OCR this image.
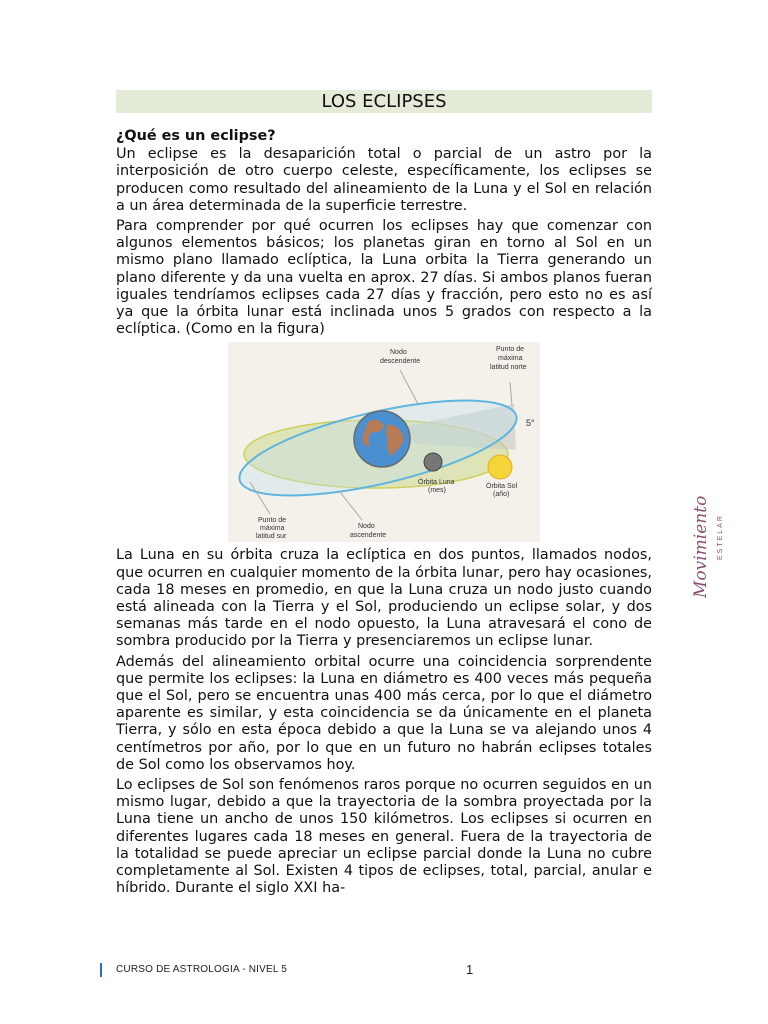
LOS ECLIPSES
¿Qué es un eclipse?

Un eclipse es la desaparición total o parcial de un astro por la interposición de otro cuerpo celeste, específicamente, los eclipses se producen como resultado del alineamiento de la Luna y el Sol en relación a un área determinada de la superficie terrestre.

Para comprender por qué ocurren los eclipses hay que comenzar con algunos elementos básicos; los planetas giran en torno al Sol en un mismo plano llamado eclíptica, la Luna orbita la Tierra generando un plano diferente y da una vuelta en aprox. 27 días. Si ambos planos fueran iguales tendríamos eclipses cada 27 días y fracción, pero esto no es así ya que la órbita lunar está inclinada unos 5 grados con respecto a la eclíptica. (Como en la figura)

Nodo
descendente
Punto de
máxima
latitud norte
5°
Órbita Luna
(mes)
Órbita Sol
(año)
Punto de
máxima
latitud sur
Nodo
ascendente

La Luna en su órbita cruza la eclíptica en dos puntos, llamados nodos, que ocurren en cualquier momento de la órbita lunar, pero hay ocasiones, cada 18 meses en promedio, en que la Luna cruza un nodo justo cuando está alineada con la Tierra y el Sol, produciendo un eclipse solar, y dos semanas más tarde en el nodo opuesto, la Luna atravesará el cono de sombra producido por la Tierra y presenciaremos un eclipse lunar.

Además del alineamiento orbital ocurre una coincidencia sorprendente que permite los eclipses: la Luna en diámetro es 400 veces más pequeña que el Sol, pero se encuentra unas 400 más cerca, por lo que el diámetro aparente es similar, y esta coincidencia se da únicamente en el planeta Tierra, y sólo en esta época debido a que la Luna se va alejando unos 4 centímetros por año, por lo que en un futuro no habrán eclipses totales de Sol como los observamos hoy.

Lo eclipses de Sol son fenómenos raros porque no ocurren seguidos en un mismo lugar, debido a que la trayectoria de la sombra proyectada por la Luna tiene un ancho de unos 150 kilómetros. Los eclipses si ocurren en diferentes lugares cada 18 meses en general. Fuera de la trayectoria de la totalidad se puede apreciar un eclipse parcial donde la Luna no cubre completamente al Sol. Existen 4 tipos de eclipses, total, parcial, anular e híbrido. Durante el siglo XXI ha-

Movimiento ESTELAR
CURSO DE ASTROLOGIA - NIVEL 5	1
